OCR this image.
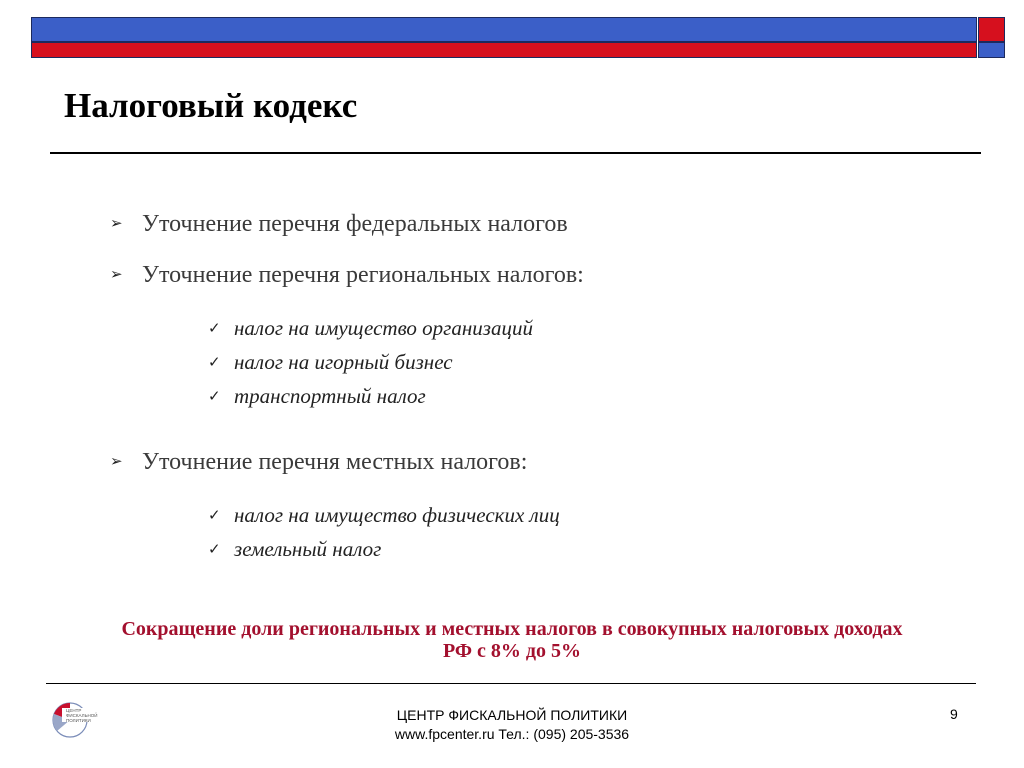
Налоговый кодекс
➢ Уточнение перечня федеральных налогов
➢ Уточнение перечня региональных налогов:
✓ налог на имущество организаций
✓ налог на игорный бизнес
✓ транспортный налог
➢ Уточнение перечня местных налогов:
✓ налог на имущество физических лиц
✓ земельный налог
Сокращение доли региональных и местных налогов в совокупных налоговых доходах
РФ с 8% до 5%
ЦЕНТР
ФИСКАЛЬНОЙ
ПОЛИТИКИ	ЦЕНТР ФИСКАЛЬНОЙ ПОЛИТИКИ
www.fpcenter.ru Тел.: (095) 205-3536
9
